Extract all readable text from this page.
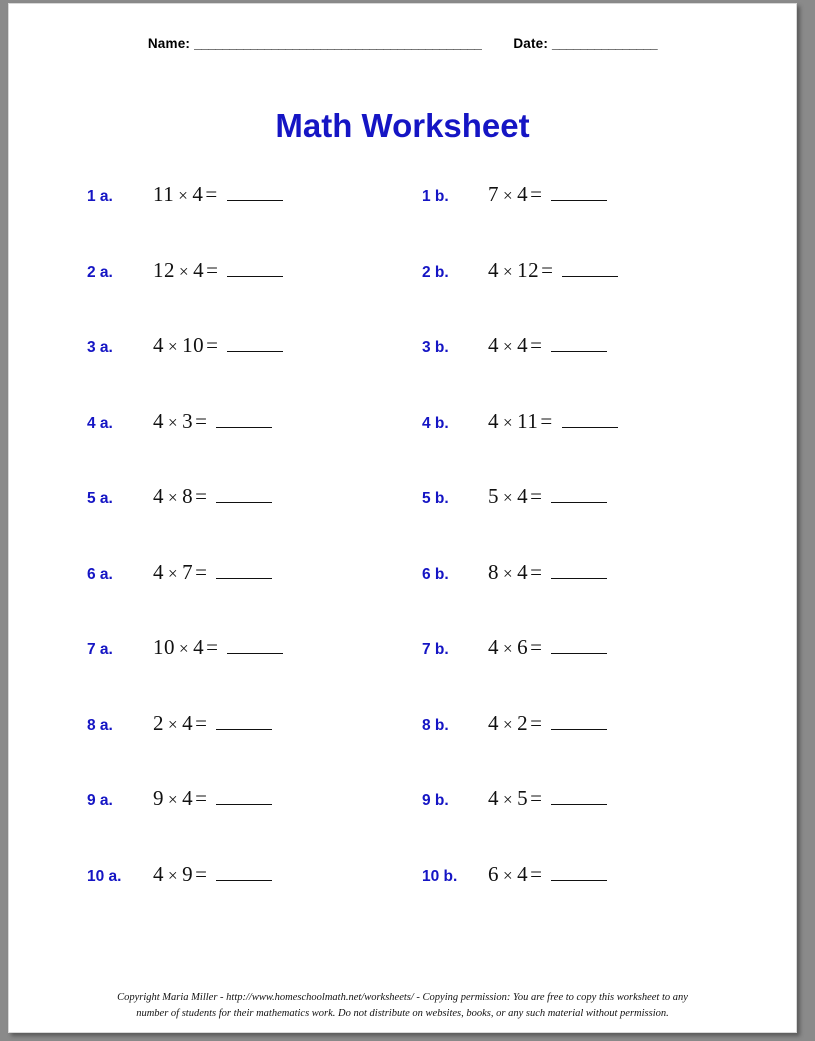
Name: _________________________________________ Date: _______________
Math Worksheet
1 a.	11 × 4=	1 b.	7 × 4=
2 a.	12 × 4=	2 b.	4 × 12=
3 a.	4 × 10=	3 b.	4 × 4=
4 a.	4 × 3=	4 b.	4 × 11=
5 a.	4 × 8=	5 b.	5 × 4=
6 a.	4 × 7=	6 b.	8 × 4=
7 a.	10 × 4=	7 b.	4 × 6=
8 a.	2 × 4=	8 b.	4 × 2=
9 a.	9 × 4=	9 b.	4 × 5=
10 a.	4 × 9=	10 b.	6 × 4=
Copyright Maria Miller - http://www.homeschoolmath.net/worksheets/ - Copying permission: You are free to copy this worksheet to any
number of students for their mathematics work. Do not distribute on websites, books, or any such material without permission.
